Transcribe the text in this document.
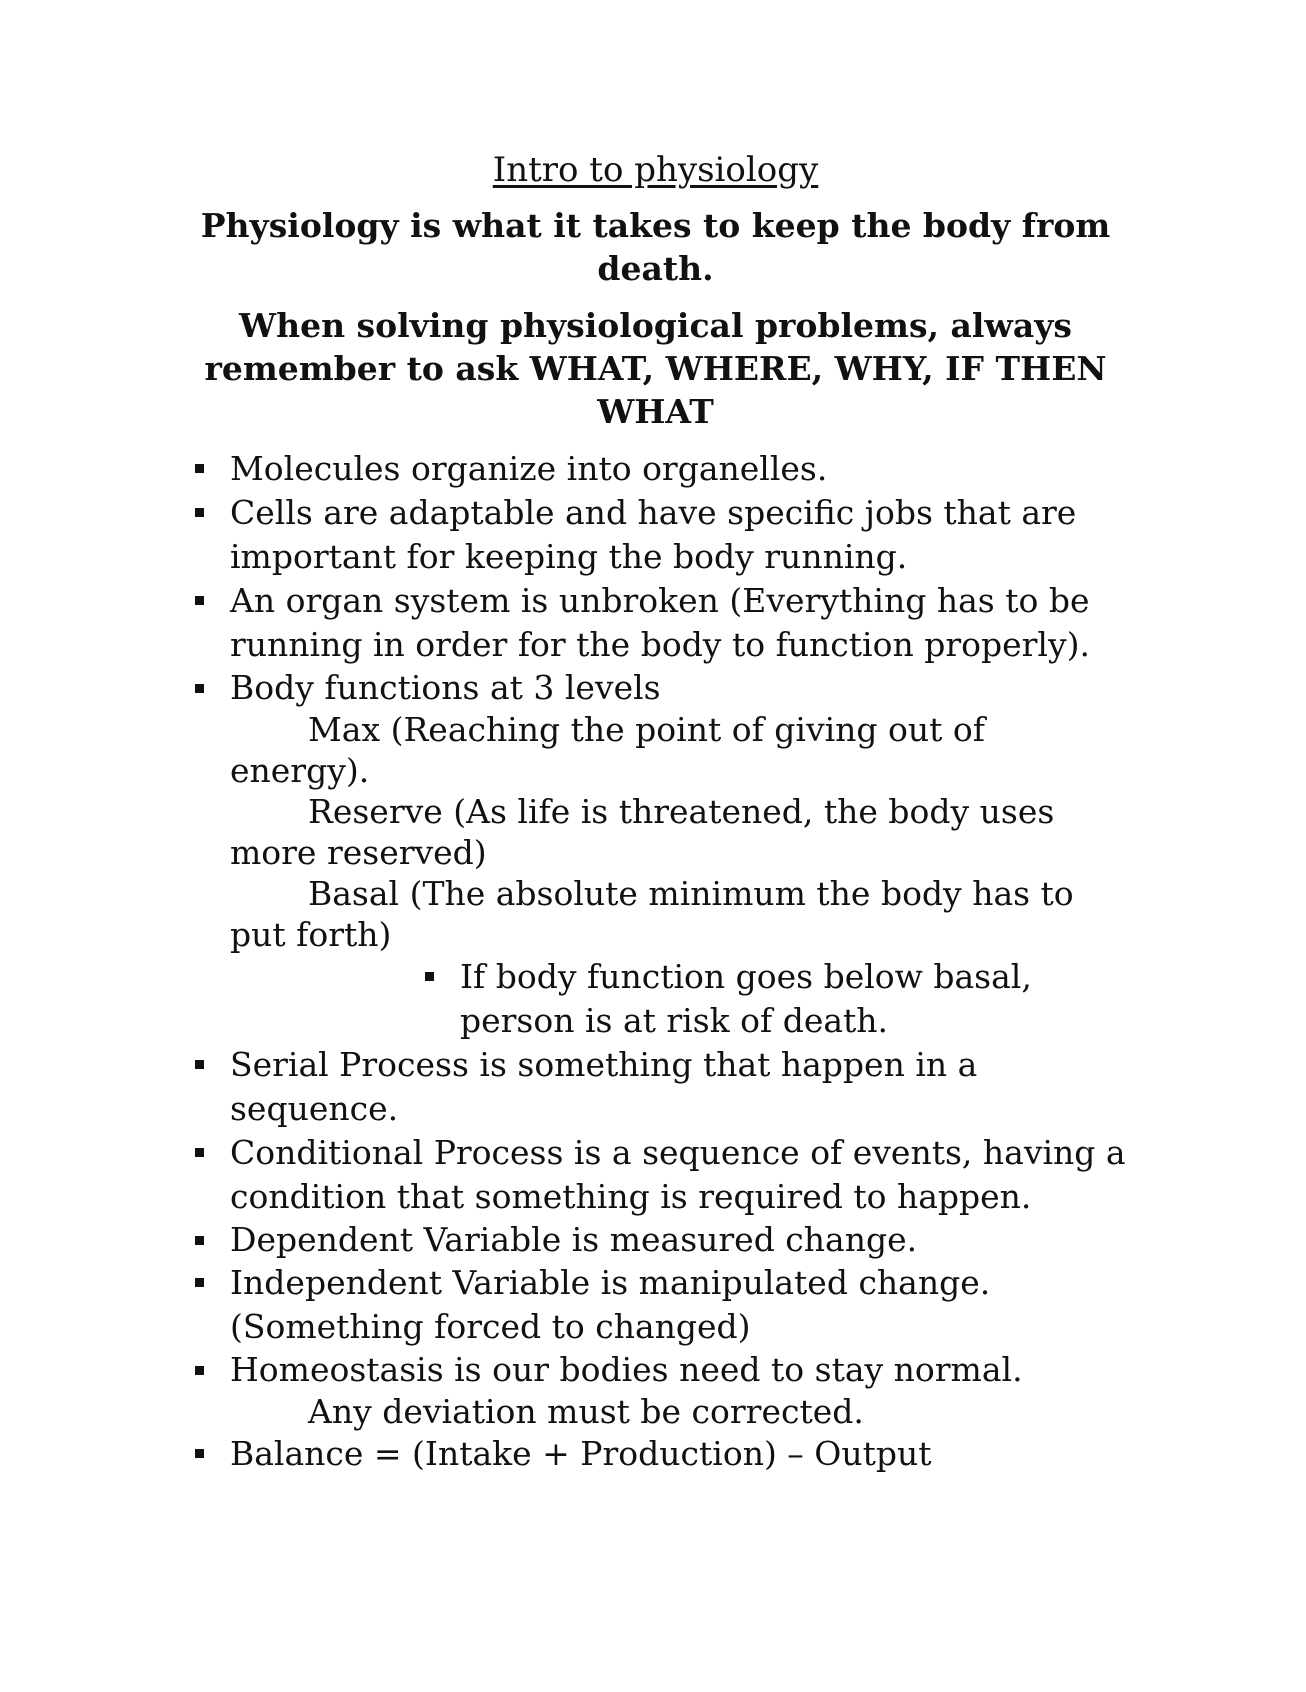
Intro to physiology
Physiology is what it takes to keep the body from death.
When solving physiological problems, always remember to ask WHAT, WHERE, WHY, IF THEN WHAT
Molecules organize into organelles.
Cells are adaptable and have specific jobs that are important for keeping the body running.
An organ system is unbroken (Everything has to be running in order for the body to function properly).
Body functions at 3 levels
Max (Reaching the point of giving out of energy).
Reserve (As life is threatened, the body uses more reserved)
Basal (The absolute minimum the body has to put forth)
If body function goes below basal, person is at risk of death.
Serial Process is something that happen in a sequence.
Conditional Process is a sequence of events, having a condition that something is required to happen.
Dependent Variable is measured change.
Independent Variable is manipulated change. (Something forced to changed)
Homeostasis is our bodies need to stay normal.
Any deviation must be corrected.
Balance = (Intake + Production) – Output
